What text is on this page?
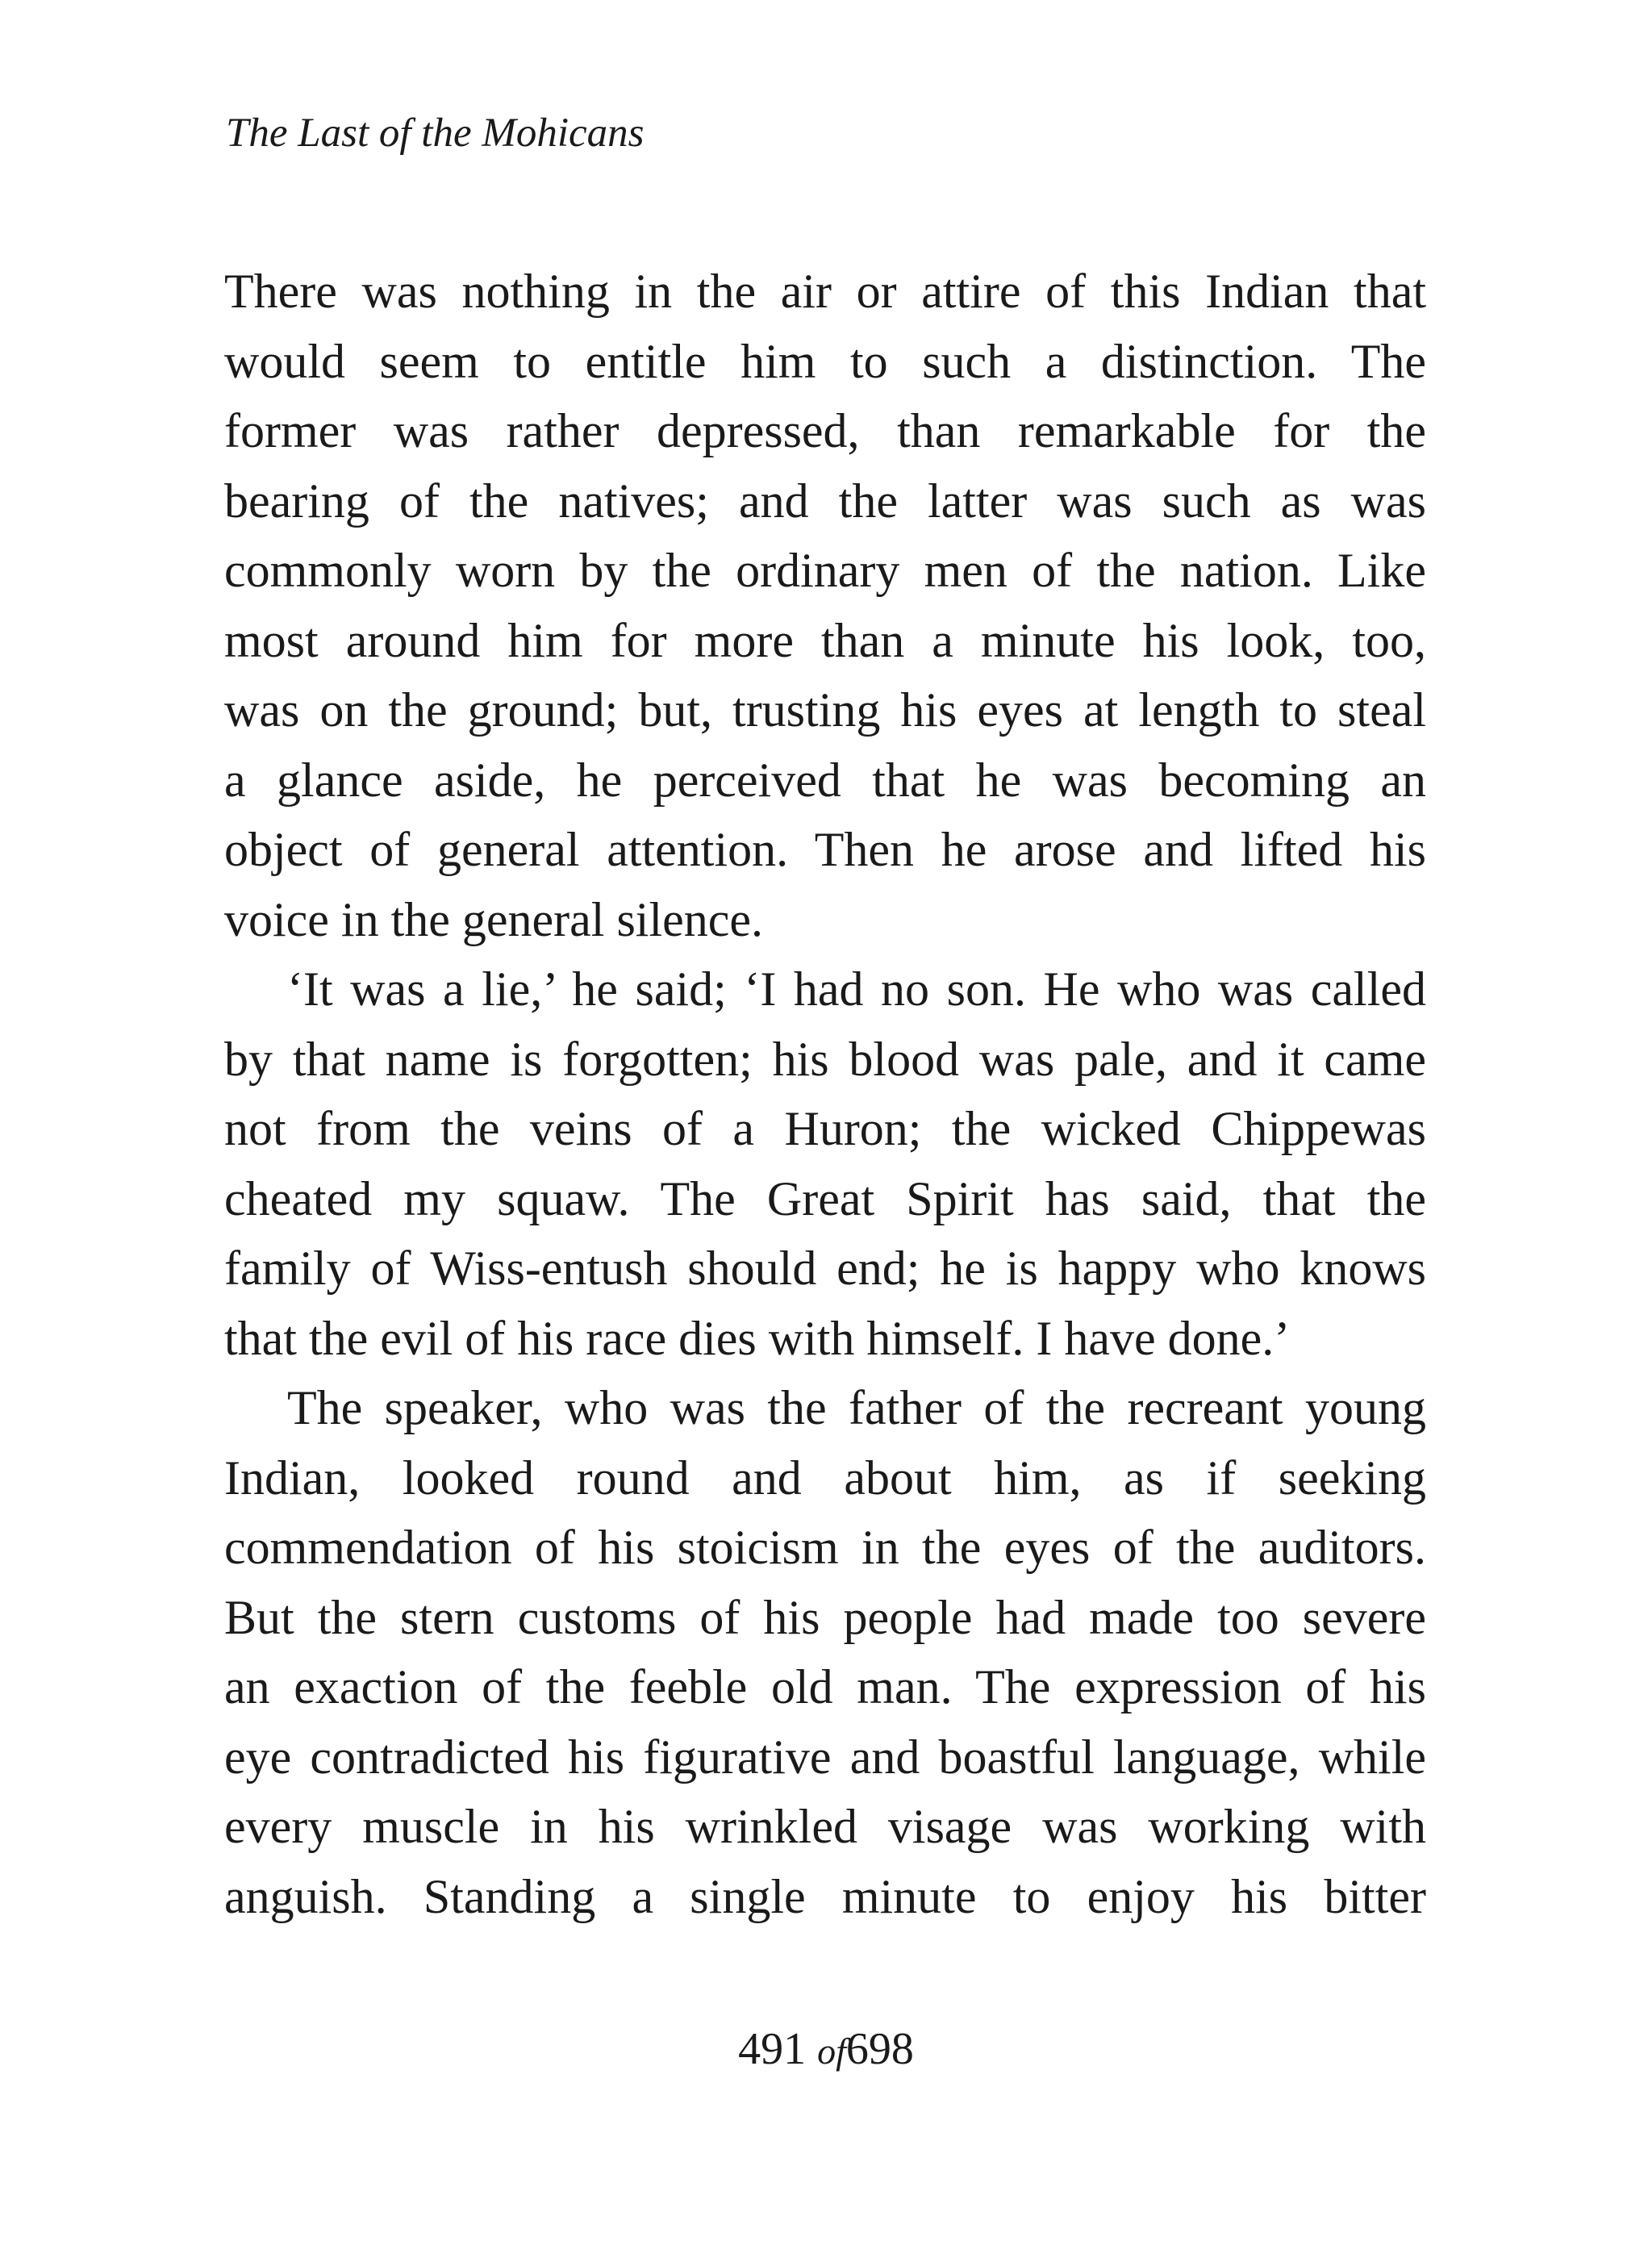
The Last of the Mohicans
There was nothing in the air or attire of this Indian that
would seem to entitle him to such a distinction. The
former was rather depressed, than remarkable for the
bearing of the natives; and the latter was such as was
commonly worn by the ordinary men of the nation. Like
most around him for more than a minute his look, too,
was on the ground; but, trusting his eyes at length to steal
a glance aside, he perceived that he was becoming an
object of general attention. Then he arose and lifted his
voice in the general silence.
‘It was a lie,’ he said; ‘I had no son. He who was called
by that name is forgotten; his blood was pale, and it came
not from the veins of a Huron; the wicked Chippewas
cheated my squaw. The Great Spirit has said, that the
family of Wiss-entush should end; he is happy who knows
that the evil of his race dies with himself. I have done.’
The speaker, who was the father of the recreant young
Indian, looked round and about him, as if seeking
commendation of his stoicism in the eyes of the auditors.
But the stern customs of his people had made too severe
an exaction of the feeble old man. The expression of his
eye contradicted his figurative and boastful language, while
every muscle in his wrinkled visage was working with
anguish. Standing a single minute to enjoy his bitter
491 of698
